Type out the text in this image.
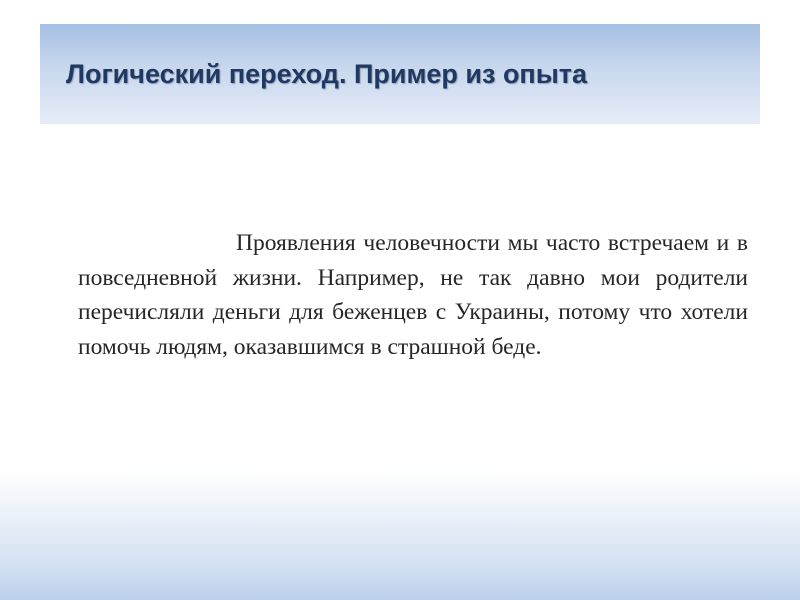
Логический переход. Пример из опыта

Проявления человечности мы часто встречаем и в повседневной жизни. Например, не так давно мои родители перечисляли деньги для беженцев с Украины, потому что хотели помочь людям, оказавшимся в страшной беде.
